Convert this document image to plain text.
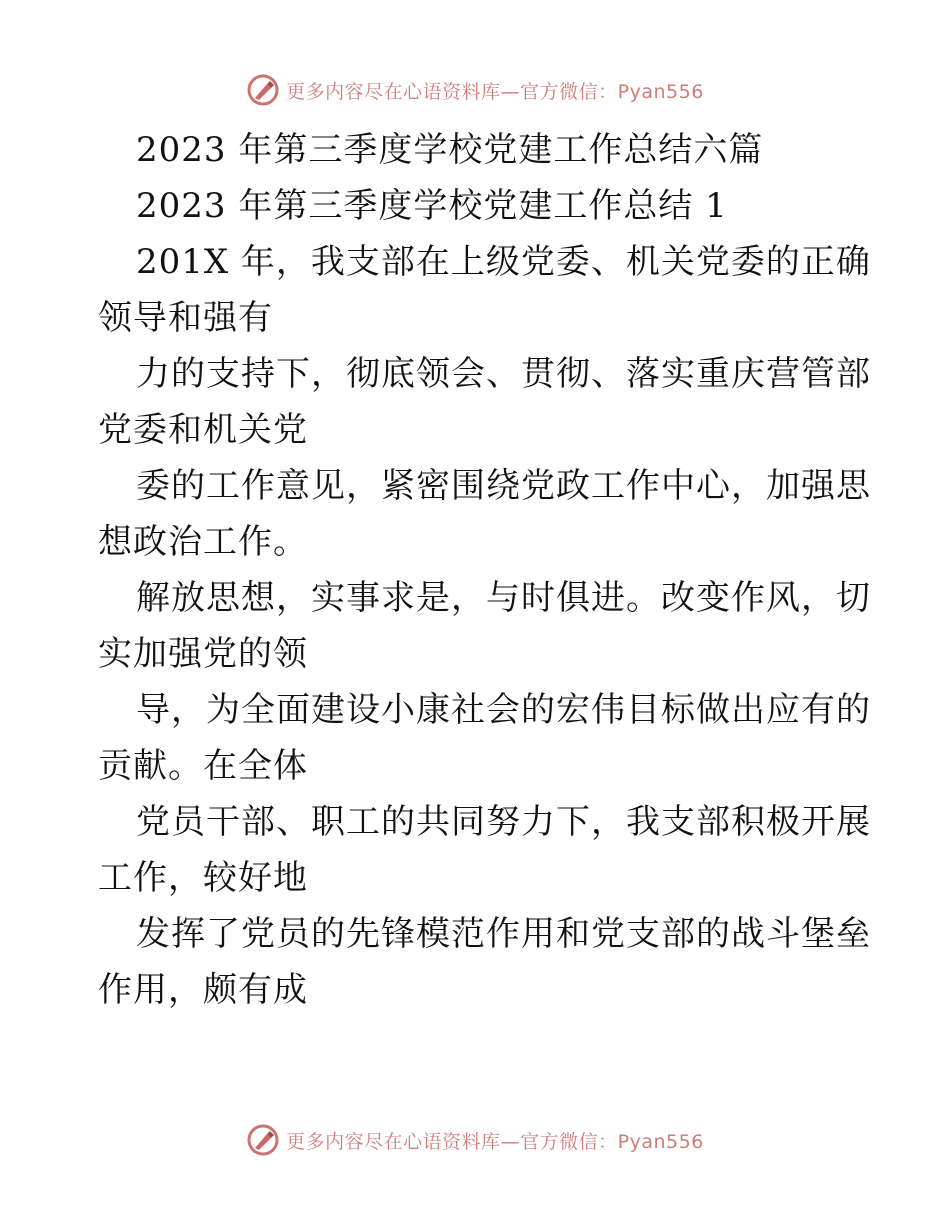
更多内容尽在心语资料库—官方微信：Pyan556
2023 年第三季度学校党建工作总结六篇
2023 年第三季度学校党建工作总结 1
201X 年，我支部在上级党委、机关党委的正确
领导和强有
力的支持下，彻底领会、贯彻、落实重庆营管部
党委和机关党
委的工作意见，紧密围绕党政工作中心，加强思
想政治工作。
解放思想，实事求是，与时俱进。改变作风，切
实加强党的领
导，为全面建设小康社会的宏伟目标做出应有的
贡献。在全体
党员干部、职工的共同努力下，我支部积极开展
工作，较好地
发挥了党员的先锋模范作用和党支部的战斗堡垒
作用，颇有成
更多内容尽在心语资料库—官方微信：Pyan556
